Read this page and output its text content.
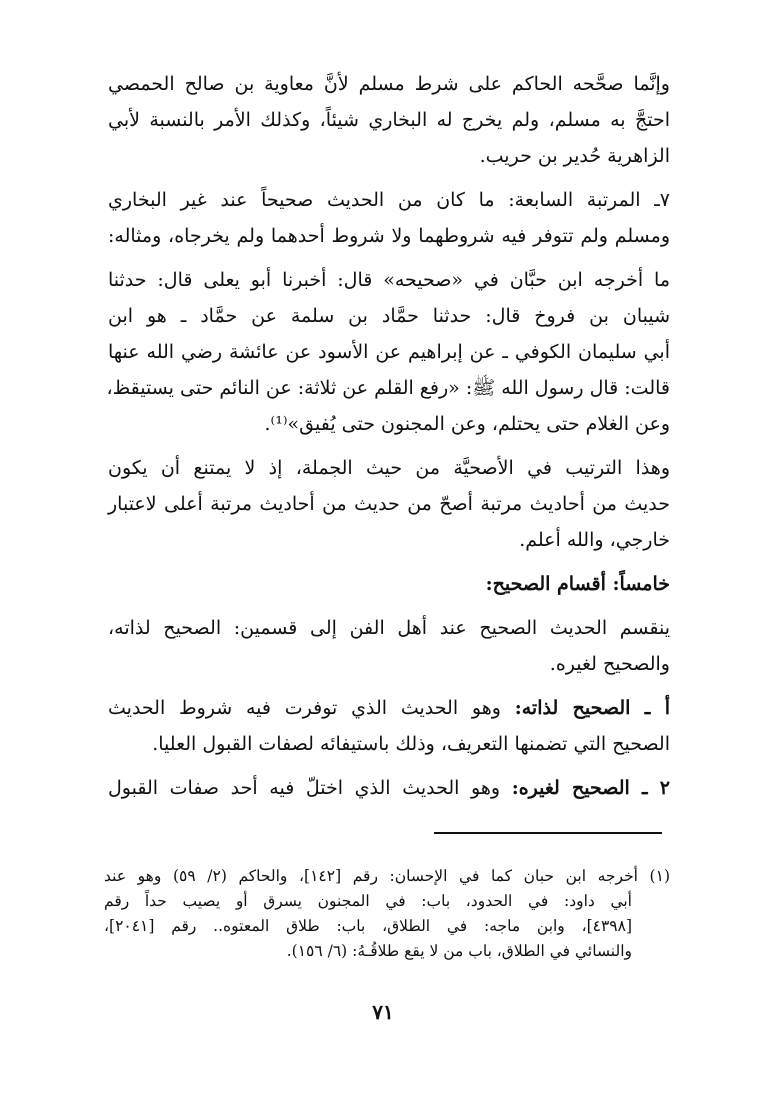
وإنَّما صحَّحه الحاكم على شرط مسلم لأنَّ معاوية بن صالح الحمصي
احتجَّ به مسلم، ولم يخرج له البخاري شيئاً، وكذلك الأمر بالنسبة لأبي
الزاهرية حُدير بن حريب.
٧ـ المرتبة السابعة: ما كان من الحديث صحيحاً عند غير البخاري
ومسلم ولم تتوفر فيه شروطهما ولا شروط أحدهما ولم يخرجاه، ومثاله:
ما أخرجه ابن حبَّان في «صحيحه» قال: أخبرنا أبو يعلى قال: حدثنا
شيبان بن فروخ قال: حدثنا حمَّاد بن سلمة عن حمَّاد ـ هو ابن
أبي سليمان الكوفي ـ عن إبراهيم عن الأسود عن عائشة رضي الله عنها
قالت: قال رسول الله ﷺ: «رفع القلم عن ثلاثة: عن النائم حتى يستيقظ،
وعن الغلام حتى يحتلم، وعن المجنون حتى يُفيق»⁽¹⁾.
وهذا الترتيب في الأصحيَّة من حيث الجملة، إذ لا يمتنع أن يكون
حديث من أحاديث مرتبة أصحّ من حديث من أحاديث مرتبة أعلى لاعتبار
خارجي، والله أعلم.
خامساً: أقسام الصحيح:
ينقسم الحديث الصحيح عند أهل الفن إلى قسمين: الصحيح لذاته،
والصحيح لغيره.
أ ـ الصحيح لذاته: وهو الحديث الذي توفرت فيه شروط الحديث
الصحيح التي تضمنها التعريف، وذلك باستيفائه لصفات القبول العليا.
٢ ـ الصحيح لغيره: وهو الحديث الذي اختلّ فيه أحد صفات القبول
(١) أخرجه ابن حبان كما في الإحسان: رقم [١٤٢]، والحاكم (٢/ ٥٩) وهو عند
أبي داود: في الحدود، باب: في المجنون يسرق أو يصيب حداً رقم
[٤٣٩٨]، وابن ماجه: في الطلاق، باب: طلاق المعتوه.. رقم [٢٠٤١]،
والنسائي في الطلاق، باب من لا يقع طلاقُـهُ: (٦/ ١٥٦).
٧١
